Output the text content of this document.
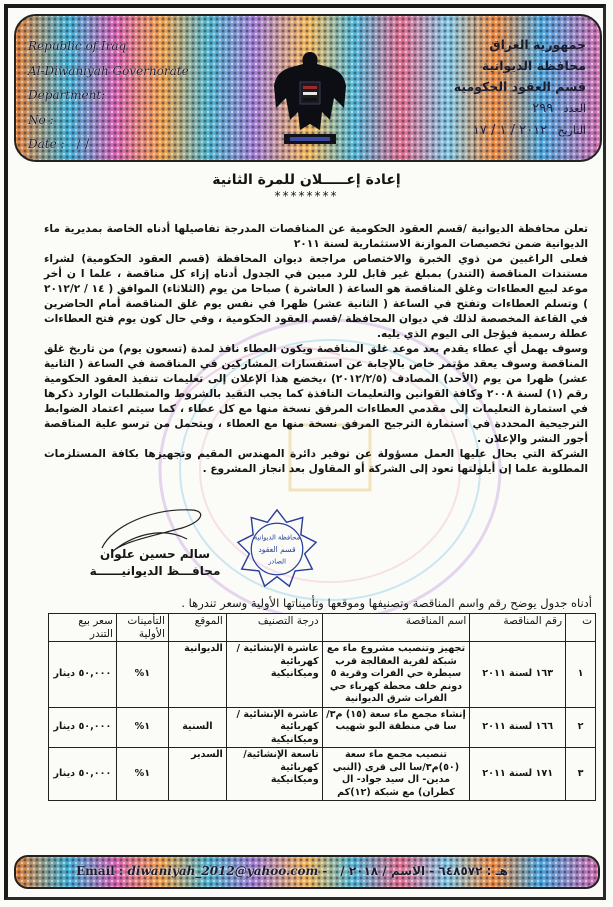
Republic of Iraq
Al-Diwaniyah Governorate
Department:
No :
Date : / /
جمهورية العراق
محافظة الديوانية
قسم العقود الحكومية
العدد ٢٩٩
التاريخ ٢٠١٢ / ١ / ١٧
إعادة إعـــــلان للمرة الثانية
********

تعلن محافظة الديوانية /قسم العقود الحكومية عن المناقصات المدرجة تفاصيلها أدناه الخاصة بمديرية ماء الديوانية ضمن تخصيصات الموازنة الاستثمارية لسنة ٢٠١١

فعلى الراغبين من ذوي الخبرة والاختصاص مراجعة ديوان المحافظة (قسم العقود الحكومية) لشراء مستندات المناقصة (التندر) بمبلغ غير قابل للرد مبين في الجدول أدناه إزاء كل مناقصة ، علما ا ن أخر موعد لبيع العطاءات وغلق المناقصة هو الساعة ( العاشرة ) صباحا من يوم (الثلاثاء) الموافق ( ١٤ / ٢٠١٢/٢ ) وتسلم العطاءات وتفتح في الساعة ( الثانية عشر) ظهرا في نفس يوم غلق المناقصة أمام الحاضرين في القاعة المخصصة لذلك في ديوان المحافظة /قسم العقود الحكومية ، وفي حال كون يوم فتح العطاءات عطلة رسمية فيؤجل الى اليوم الذي يليه.

وسوف يهمل أي عطاء يقدم بعد موعد غلق المناقصة ويكون العطاء نافذ لمدة (تسعون يوم) من تاريخ غلق المناقصة وسوف يعقد مؤتمر خاص بالإجابة عن استفسارات المشاركين في المناقصة في الساعة ( الثانية عشر) ظهرا من يوم (الأحد) المصادف (٢٠١٢/٢/٥) ،يخضع هذا الإعلان إلى تعليمات تنفيذ العقود الحكومية رقم (١) لسنة ٢٠٠٨ وكافة القوانين والتعليمات النافذة كما يجب التقيد بالشروط والمتطلبات الوارد ذكرها في استمارة التعليمات إلى مقدمي العطاءات المرفق نسخة منها مع كل عطاء ، كما سيتم اعتماد الضوابط الترجيحية المحددة في استمارة الترجيح المرفق نسخة منها مع العطاء ، ويتحمل من ترسو علية المناقصة أجور النشر والإعلان .

الشركة التي يحال عليها العمل مسؤولة عن توفير دائرة المهندس المقيم وتجهيزها بكافة المستلزمات المطلوبة علما إن أيلولتها تعود إلى الشركة أو المقاول بعد انجاز المشروع .

سالم حسين علوان
محافـــظ الديوانيــــــة
محافظة الديوانية
قسم العقود
الصادر
أدناه جدول يوضح رقم واسم المناقصة وتصنيفها وموقعها وتأميناتها الأولية وسعر تندرها .
ت	رقم المناقصة	اسم المناقصة	درجة التصنيف	الموقع	التأمينات الأولية	سعر بيع التندر
١	١٦٣ لسنة ٢٠١١	تجهيز وتنصيب مشروع ماء مع شبكة لقرية العقالجة قرب سيطرة حي الفرات وقرية ٥ دونم خلف محطة كهرباء حي الفرات شرق الديوانية	عاشرة الإنشائية /كهربائية وميكانيكية	الديوانية	١%	٥٠,٠٠٠ دينار
٢	١٦٦ لسنة ٢٠١١	إنشاء مجمع ماء سعة (١٥) م٣/سا في منطقة البو شهيب	عاشرة الإنشائية / كهربائية وميكانيكية	السنية	١%	٥٠,٠٠٠ دينار
٣	١٧١ لسنة ٢٠١١	تنصيب مجمع ماء سعة (٥٠)م٣/سا الى قرى (النبي مدين- ال سيد جواد- ال كطران) مع شبكة (١٢)كم	تاسعة الإنشائية/ كهربائية وميكانيكية	السدير	١%	٥٠,٠٠٠ دينار
Email : diwaniyah_2012@yahoo.com - هـ : ٦٤٨٥٧٢ - الاسم / ٢٠١٨ /
